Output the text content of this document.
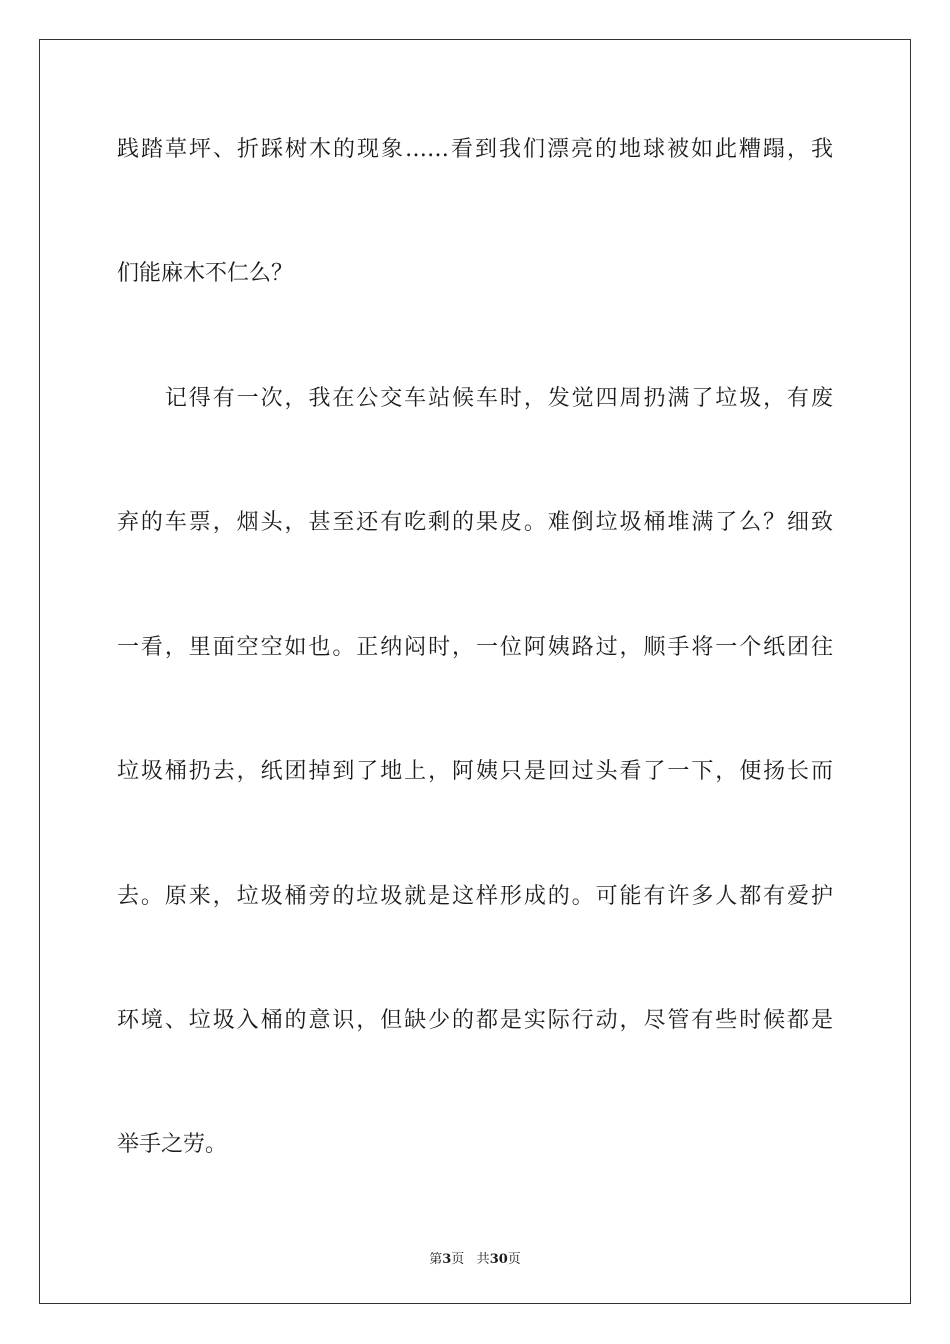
践踏草坪、折踩树木的现象……看到我们漂亮的地球被如此糟蹋，我
们能麻木不仁么？
　　记得有一次，我在公交车站候车时，发觉四周扔满了垃圾，有废
弃的车票，烟头，甚至还有吃剩的果皮。难倒垃圾桶堆满了么？细致
一看，里面空空如也。正纳闷时，一位阿姨路过，顺手将一个纸团往
垃圾桶扔去，纸团掉到了地上，阿姨只是回过头看了一下，便扬长而
去。原来，垃圾桶旁的垃圾就是这样形成的。可能有许多人都有爱护
环境、垃圾入桶的意识，但缺少的都是实际行动，尽管有些时候都是
举手之劳。
第3页 共30页
